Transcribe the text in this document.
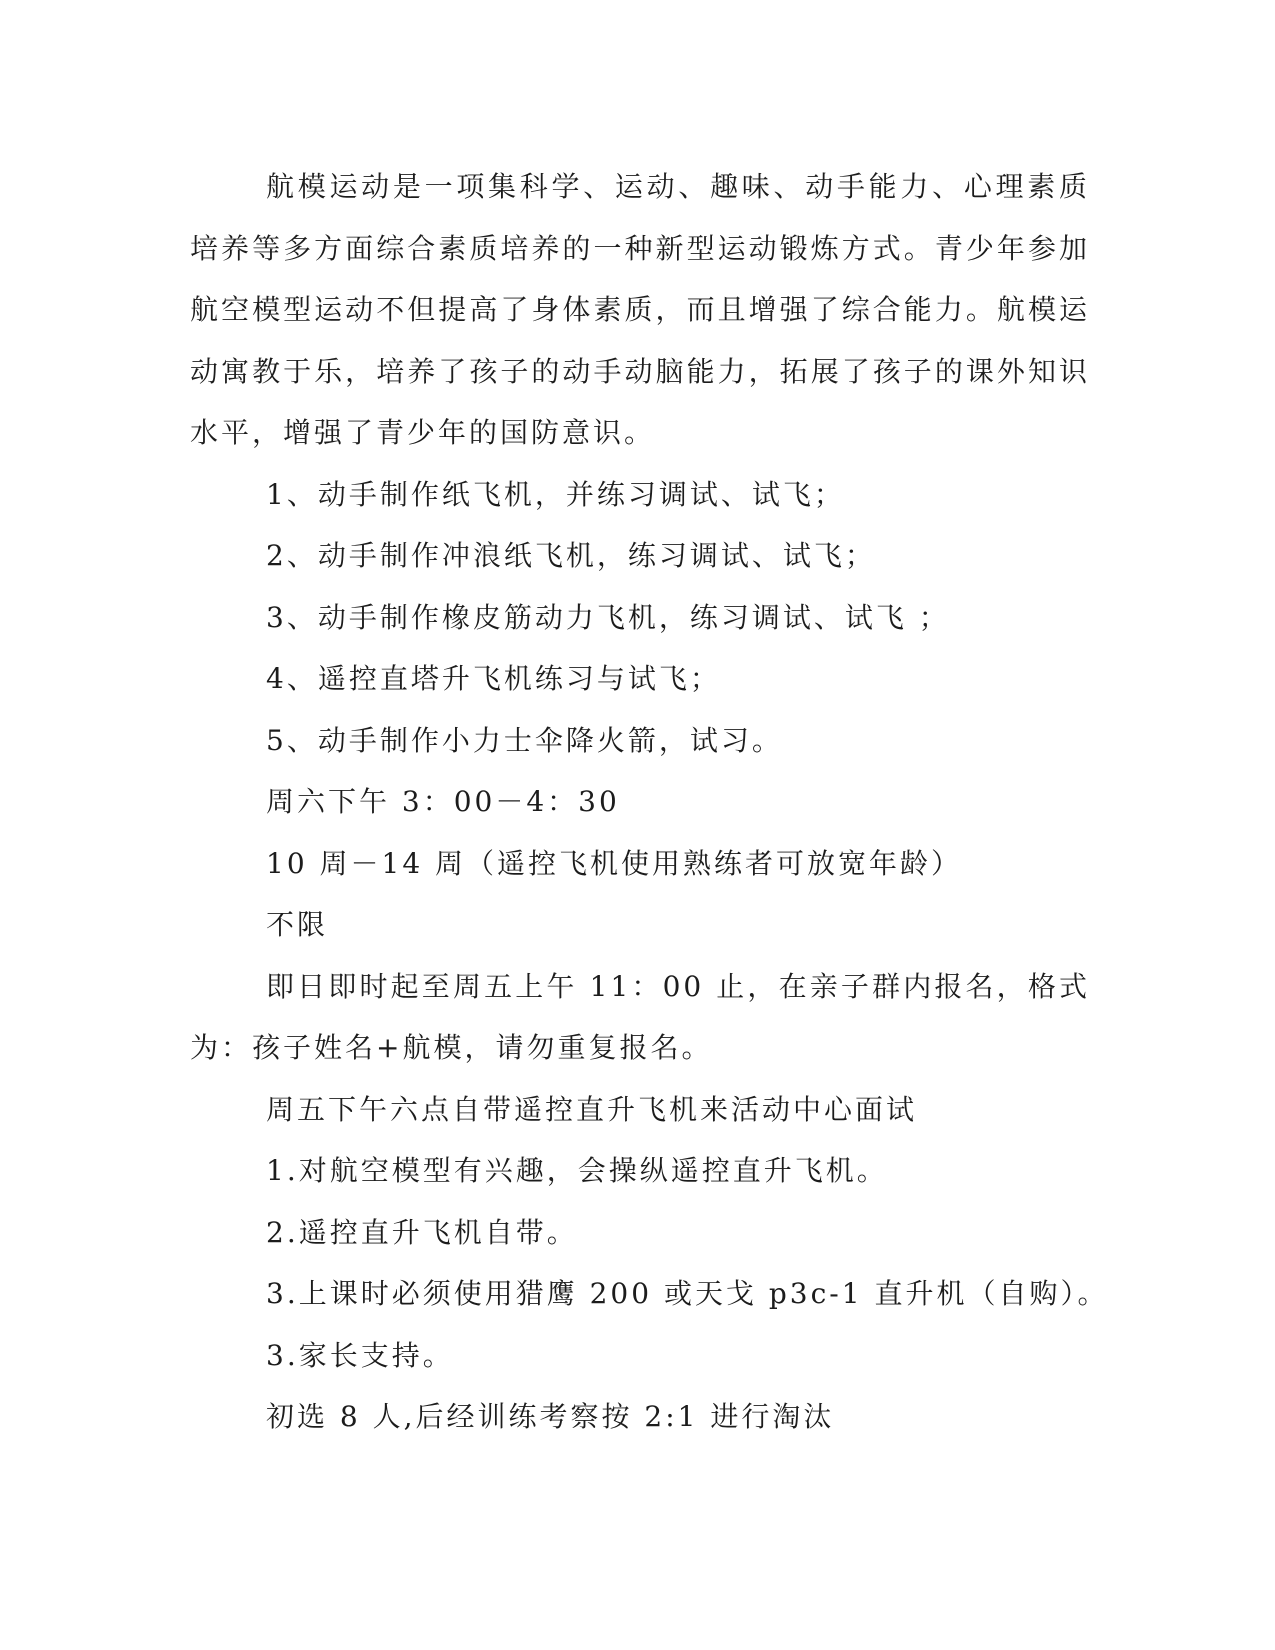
航模运动是一项集科学、运动、趣味、动手能力、心理素质培养等多方面综合素质培养的一种新型运动锻炼方式。青少年参加航空模型运动不但提高了身体素质，而且增强了综合能力。航模运动寓教于乐，培养了孩子的动手动脑能力，拓展了孩子的课外知识水平，增强了青少年的国防意识。

1、动手制作纸飞机，并练习调试、试飞；

2、动手制作冲浪纸飞机，练习调试、试飞；

3、动手制作橡皮筋动力飞机，练习调试、试飞 ；

4、遥控直塔升飞机练习与试飞；

5、动手制作小力士伞降火箭，试习。

周六下午 3：00－4：30

10 周－14 周（遥控飞机使用熟练者可放宽年龄）

不限

即日即时起至周五上午 11：00 止，在亲子群内报名，格式为：孩子姓名+航模，请勿重复报名。

周五下午六点自带遥控直升飞机来活动中心面试

1.对航空模型有兴趣，会操纵遥控直升飞机。

2.遥控直升飞机自带。

3.上课时必须使用猎鹰 200 或天戈 p3c-1 直升机（自购）。

3.家长支持。

初选 8 人,后经训练考察按 2:1 进行淘汰
